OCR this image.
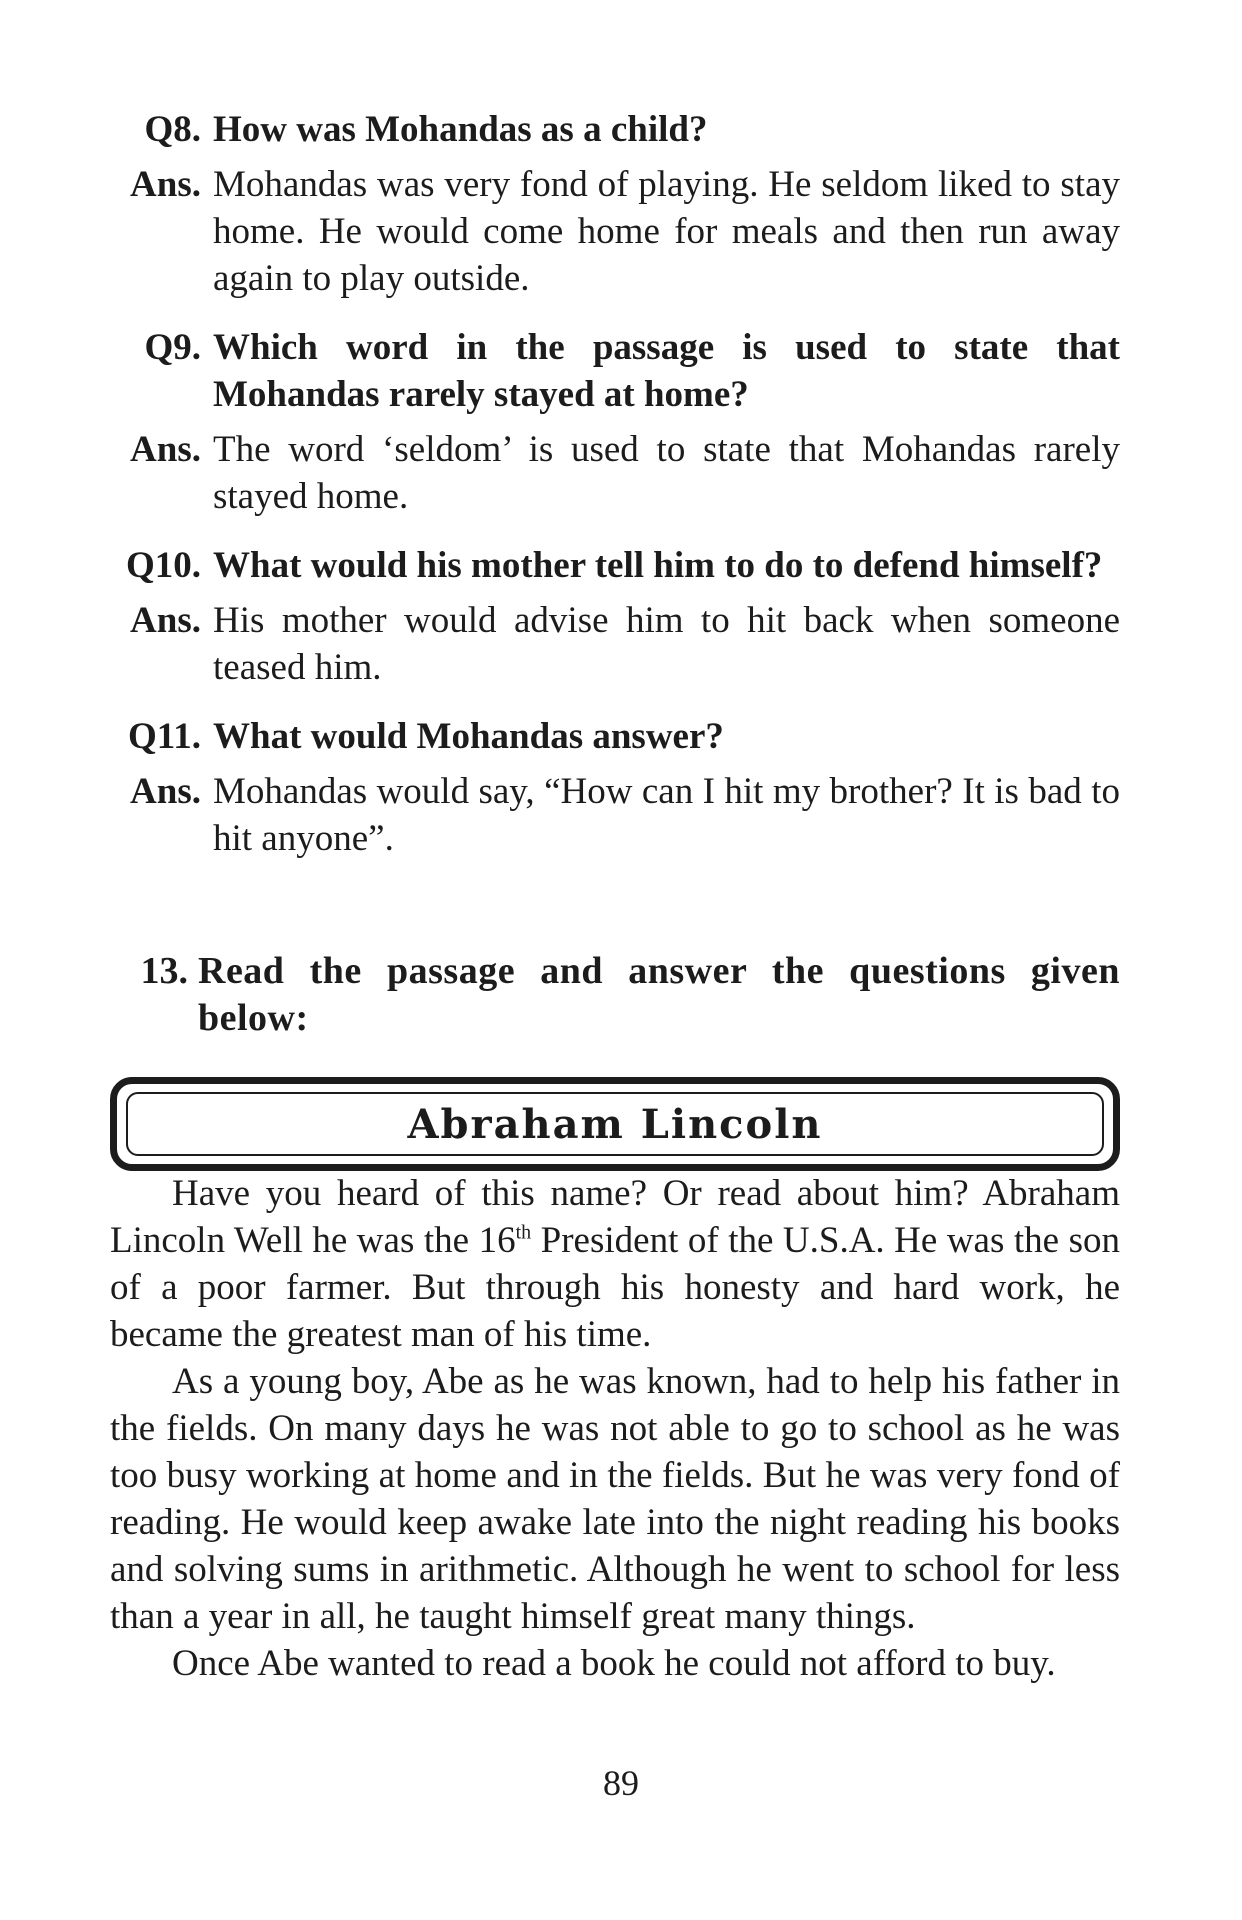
Q8. How was Mohandas as a child?
Ans. Mohandas was very fond of playing. He seldom liked to stay home. He would come home for meals and then run away again to play outside.
Q9. Which word in the passage is used to state that Mohandas rarely stayed at home?
Ans. The word ‘seldom’ is used to state that Mohandas rarely stayed home.
Q10. What would his mother tell him to do to defend himself?
Ans. His mother would advise him to hit back when someone teased him.
Q11. What would Mohandas answer?
Ans. Mohandas would say, “How can I hit my brother? It is bad to hit anyone”.
13. Read the passage and answer the questions given below:
Abraham Lincoln

Have you heard of this name? Or read about him? Abraham Lincoln Well he was the 16th President of the U.S.A. He was the son of a poor farmer. But through his honesty and hard work, he became the greatest man of his time.

As a young boy, Abe as he was known, had to help his father in the fields. On many days he was not able to go to school as he was too busy working at home and in the fields. But he was very fond of reading. He would keep awake late into the night reading his books and solving sums in arithmetic. Although he went to school for less than a year in all, he taught himself great many things.

Once Abe wanted to read a book he could not afford to buy.

89
